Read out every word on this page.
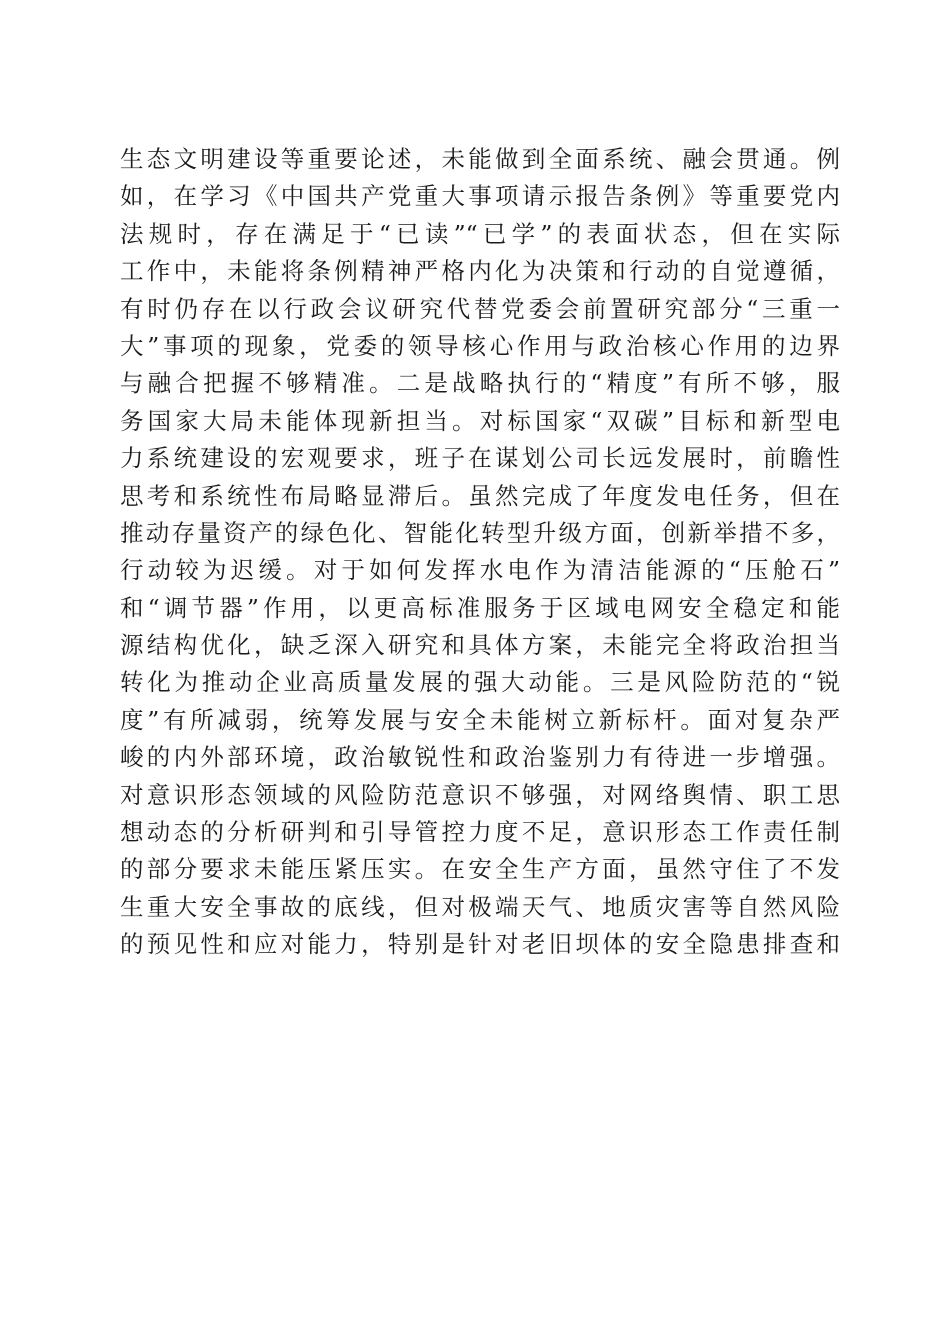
生态文明建设等重要论述，未能做到全面系统、融会贯通。例
如，在学习《中国共产党重大事项请示报告条例》等重要党内
法规时，存在满足于“已读”“已学”的表面状态，但在实际
工作中，未能将条例精神严格内化为决策和行动的自觉遵循，
有时仍存在以行政会议研究代替党委会前置研究部分“三重一
大”事项的现象，党委的领导核心作用与政治核心作用的边界
与融合把握不够精准。二是战略执行的“精度”有所不够，服
务国家大局未能体现新担当。对标国家“双碳”目标和新型电
力系统建设的宏观要求，班子在谋划公司长远发展时，前瞻性
思考和系统性布局略显滞后。虽然完成了年度发电任务，但在
推动存量资产的绿色化、智能化转型升级方面，创新举措不多，
行动较为迟缓。对于如何发挥水电作为清洁能源的“压舱石”
和“调节器”作用，以更高标准服务于区域电网安全稳定和能
源结构优化，缺乏深入研究和具体方案，未能完全将政治担当
转化为推动企业高质量发展的强大动能。三是风险防范的“锐
度”有所减弱，统筹发展与安全未能树立新标杆。面对复杂严
峻的内外部环境，政治敏锐性和政治鉴别力有待进一步增强。
对意识形态领域的风险防范意识不够强，对网络舆情、职工思
想动态的分析研判和引导管控力度不足，意识形态工作责任制
的部分要求未能压紧压实。在安全生产方面，虽然守住了不发
生重大安全事故的底线，但对极端天气、地质灾害等自然风险
的预见性和应对能力，特别是针对老旧坝体的安全隐患排查和
